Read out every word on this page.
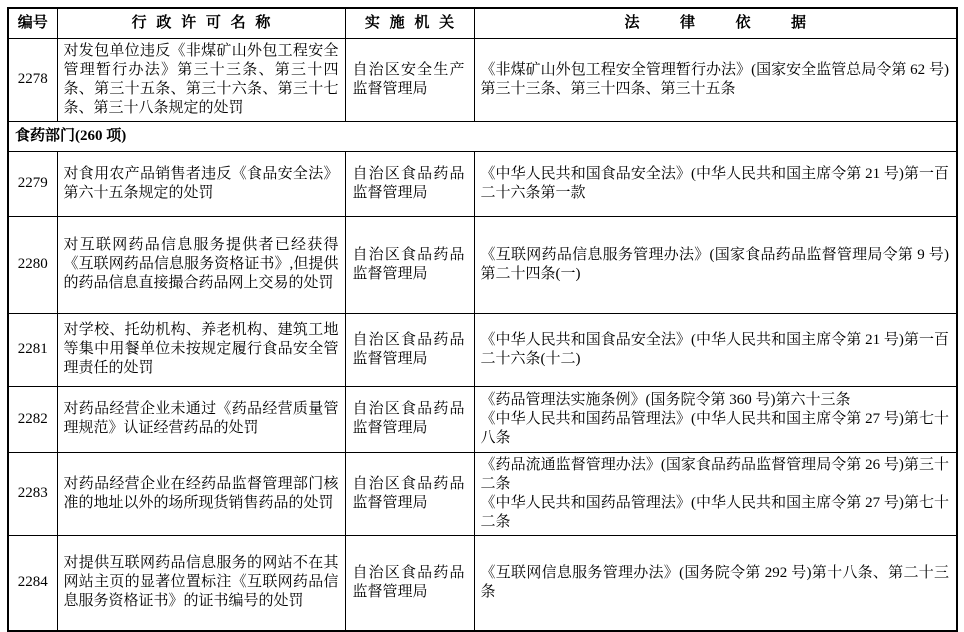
编号	行政许可名称	实施机关	法律依据
2278	对发包单位违反《非煤矿山外包工程安全管理暂行办法》第三十三条、第三十四条、第三十五条、第三十六条、第三十七条、第三十八条规定的处罚	自治区安全生产监督管理局	《非煤矿山外包工程安全管理暂行办法》(国家安全监管总局令第 62 号)第三十三条、第三十四条、第三十五条

食药部门(260 项)			
2279	对食用农产品销售者违反《食品安全法》第六十五条规定的处罚	自治区食品药品监督管理局	《中华人民共和国食品安全法》(中华人民共和国主席令第 21 号)第一百二十六条第一款

2280	对互联网药品信息服务提供者已经获得《互联网药品信息服务资格证书》,但提供的药品信息直接撮合药品网上交易的处罚	自治区食品药品监督管理局	《互联网药品信息服务管理办法》(国家食品药品监督管理局令第 9 号)第二十四条(一)

2281	对学校、托幼机构、养老机构、建筑工地等集中用餐单位未按规定履行食品安全管理责任的处罚	自治区食品药品监督管理局	《中华人民共和国食品安全法》(中华人民共和国主席令第 21 号)第一百二十六条(十二)

2282	对药品经营企业未通过《药品经营质量管理规范》认证经营药品的处罚	自治区食品药品监督管理局	《药品管理法实施条例》(国务院令第 360 号)第六十三条
《中华人民共和国药品管理法》(中华人民共和国主席令第 27 号)第七十八条

2283	对药品经营企业在经药品监督管理部门核准的地址以外的场所现货销售药品的处罚	自治区食品药品监督管理局	《药品流通监督管理办法》(国家食品药品监督管理局令第 26 号)第三十二条
《中华人民共和国药品管理法》(中华人民共和国主席令第 27 号)第七十二条

2284	对提供互联网药品信息服务的网站不在其网站主页的显著位置标注《互联网药品信息服务资格证书》的证书编号的处罚	自治区食品药品监督管理局	《互联网信息服务管理办法》(国务院令第 292 号)第十八条、第二十三条
